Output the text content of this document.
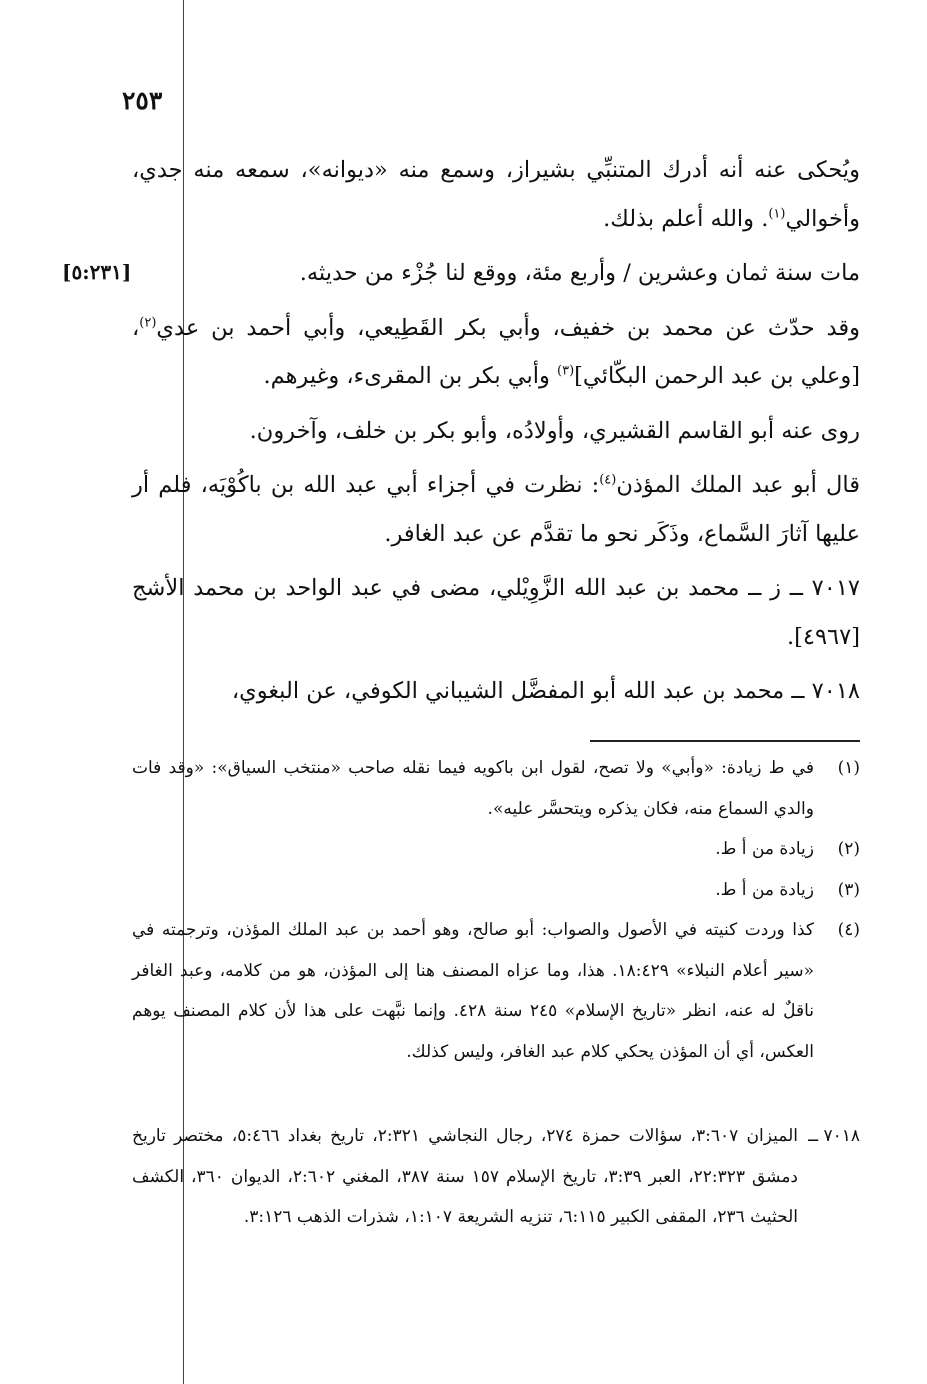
٢٥٣
[٥:٢٣١]

ويُحكى عنه أنه أدرك المتنبِّي بشيراز، وسمع منه «ديوانه»، سمعه منه جدي، وأخوالي$^{(١)}$. والله أعلم بذلك.

مات سنة ثمان وعشرين / وأربع مئة، ووقع لنا جُزْء من حديثه.

وقد حدّث عن محمد بن خفيف، وأبي بكر القَطِيعي، وأبي أحمد بن عدي$^{(٢)}$، [وعلي بن عبد الرحمن البكّائي]$^{(٣)}$ وأبي بكر بن المقرىء، وغيرهم.

روى عنه أبو القاسم القشيري، وأولادُه، وأبو بكر بن خلف، وآخرون.

قال أبو عبد الملك المؤذن$^{(٤)}$: نظرت في أجزاء أبي عبد الله بن باكُوْيَه، فلم أر عليها آثارَ السَّماع، وذَكَر نحو ما تقدَّم عن عبد الغافر.

٧٠١٧ ــ ز ــ محمد بن عبد الله الزَّوِيْلي، مضى في عبد الواحد بن محمد الأشج [٤٩٦٧].

٧٠١٨ ــ محمد بن عبد الله أبو المفضَّل الشيباني الكوفي، عن البغوي،

(١)
في ط زيادة: «وأبي» ولا تصح، لقول ابن باكويه فيما نقله صاحب «منتخب السياق»: «وقد فات والدي السماع منه، فكان يذكره ويتحسَّر عليه».
(٢)
زيادة من أ ط.
(٣)
زيادة من أ ط.
(٤)
كذا وردت كنيته في الأصول والصواب: أبو صالح، وهو أحمد بن عبد الملك المؤذن، وترجمته في «سير أعلام النبلاء» ١٨:٤٢٩. هذا، وما عزاه المصنف هنا إلى المؤذن، هو من كلامه، وعبد الغافر ناقلٌ له عنه، انظر «تاريخ الإسلام» ٢٤٥ سنة ٤٢٨. وإنما نبَّهت على هذا لأن كلام المصنف يوهم العكس، أي أن المؤذن يحكي كلام عبد الغافر، وليس كذلك.
٧٠١٨ ــ
الميزان ٣:٦٠٧، سؤالات حمزة ٢٧٤، رجال النجاشي ٢:٣٢١، تاريخ بغداد ٥:٤٦٦، مختصر تاريخ دمشق ٢٢:٣٢٣، العبر ٣:٣٩، تاريخ الإسلام ١٥٧ سنة ٣٨٧، المغني ٢:٦٠٢، الديوان ٣٦٠، الكشف الحثيث ٢٣٦، المقفى الكبير ٦:١١٥، تنزيه الشريعة ١:١٠٧، شذرات الذهب ٣:١٢٦.
